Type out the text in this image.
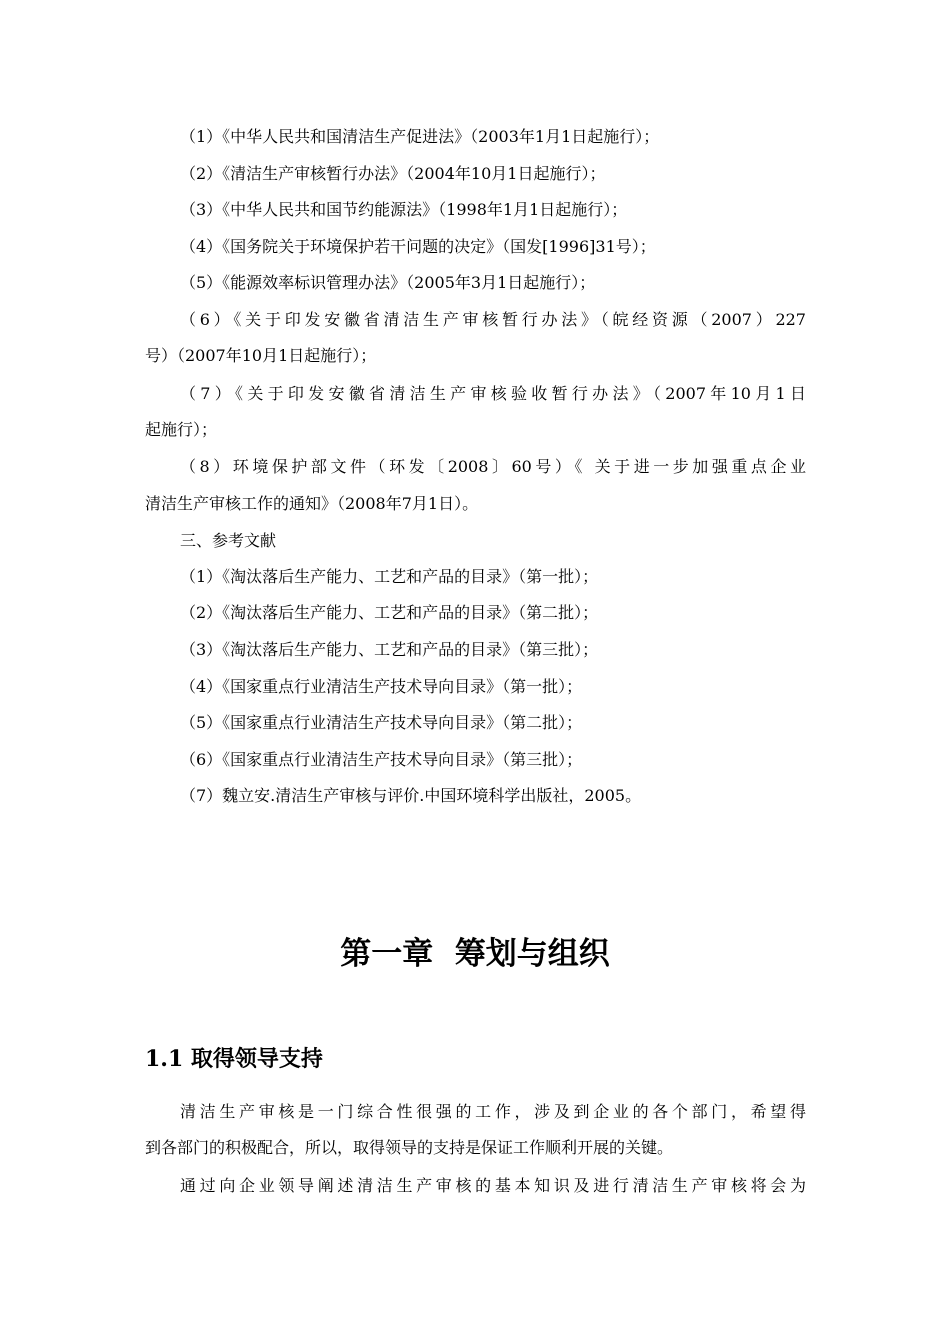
（1）《中华人民共和国清洁生产促进法》（2003年1月1日起施行）；
（2）《清洁生产审核暂行办法》（2004年10月1日起施行）；
（3）《中华人民共和国节约能源法》（1998年1月1日起施行）；
（4）《国务院关于环境保护若干问题的决定》（国发[1996]31号）；
（5）《能源效率标识管理办法》（2005年3月1日起施行）；
（6）《关于印发安徽省清洁生产审核暂行办法》（皖经资源（2007）227
号）（2007年10月1日起施行）；
（7）《关于印发安徽省清洁生产审核验收暂行办法》（2007年10月1日
起施行）；
（8）环境保护部文件（环发〔2008〕60号）《 关于进一步加强重点企业
清洁生产审核工作的通知》（2008年7月1日）。
三、参考文献
（1）《淘汰落后生产能力、工艺和产品的目录》（第一批）；
（2）《淘汰落后生产能力、工艺和产品的目录》（第二批）；
（3）《淘汰落后生产能力、工艺和产品的目录》（第三批）；
（4）《国家重点行业清洁生产技术导向目录》（第一批）；
（5）《国家重点行业清洁生产技术导向目录》（第二批）；
（6）《国家重点行业清洁生产技术导向目录》（第三批）；
（7）魏立安.清洁生产审核与评价.中国环境科学出版社，2005。
第一章  筹划与组织
1.1 取得领导支持
清洁生产审核是一门综合性很强的工作，涉及到企业的各个部门，希望得
到各部门的积极配合，所以，取得领导的支持是保证工作顺利开展的关键。
通过向企业领导阐述清洁生产审核的基本知识及进行清洁生产审核将会为
